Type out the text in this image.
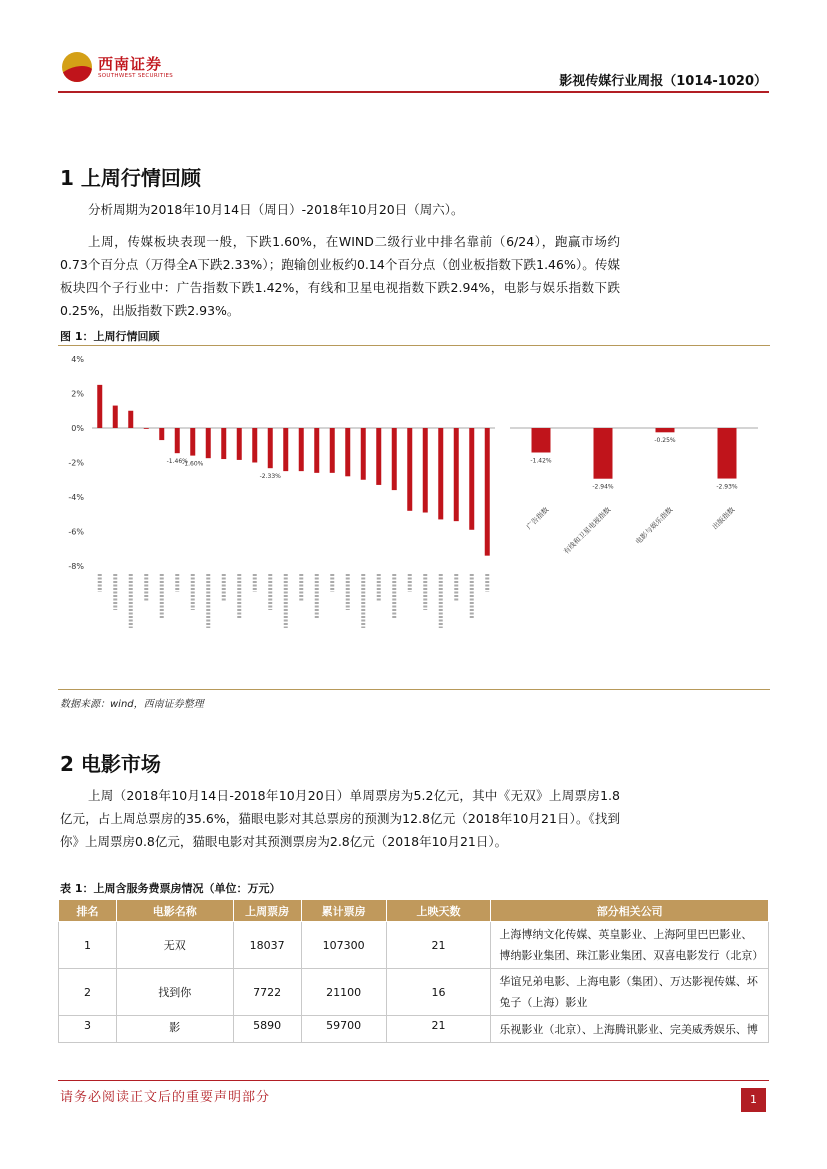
西南证券
SOUTHWEST SECURITIES	影视传媒行业周报（1014-1020）
1 上周行情回顾

分析周期为2018年10月14日（周日）-2018年10月20日（周六）。

上周，传媒板块表现一般，下跌1.60%，在WIND二级行业中排名靠前（6/24），跑赢市场约0.73个百分点（万得全A下跌2.33%）；跑输创业板约0.14个百分点（创业板指数下跌1.46%）。传媒板块四个子行业中：广告指数下跌1.42%，有线和卫星电视指数下跌2.94%，电影与娱乐指数下跌0.25%，出版指数下跌2.93%。

图 1：上周行情回顾
4%
2%
0%
-2%
-4%
-6%
-8%
-1.46%
-1.60%
-2.33%
-1.42%
广告指数
-2.94%
有线和卫星电视指数
-0.25%
电影与娱乐指数
-2.93%
出版指数
数据来源：wind，西南证券整理
2 电影市场

上周（2018年10月14日-2018年10月20日）单周票房为5.2亿元，其中《无双》上周票房1.8亿元，占上周总票房的35.6%，猫眼电影对其总票房的预测为12.8亿元（2018年10月21日）。《找到你》上周票房0.8亿元，猫眼电影对其预测票房为2.8亿元（2018年10月21日）。

表 1：上周含服务费票房情况（单位：万元）
排名	电影名称	上周票房	累计票房	上映天数	部分相关公司
1	无双	18037	107300	21	上海博纳文化传媒、英皇影业、上海阿里巴巴影业、博纳影业集团、珠江影业集团、双喜电影发行（北京）
2	找到你	7722	21100	16	华谊兄弟电影、上海电影（集团）、万达影视传媒、坏兔子（上海）影业
3	影	5890	59700	21	乐视影业（北京）、上海腾讯影业、完美威秀娱乐、博
请务必阅读正文后的重要声明部分	1
